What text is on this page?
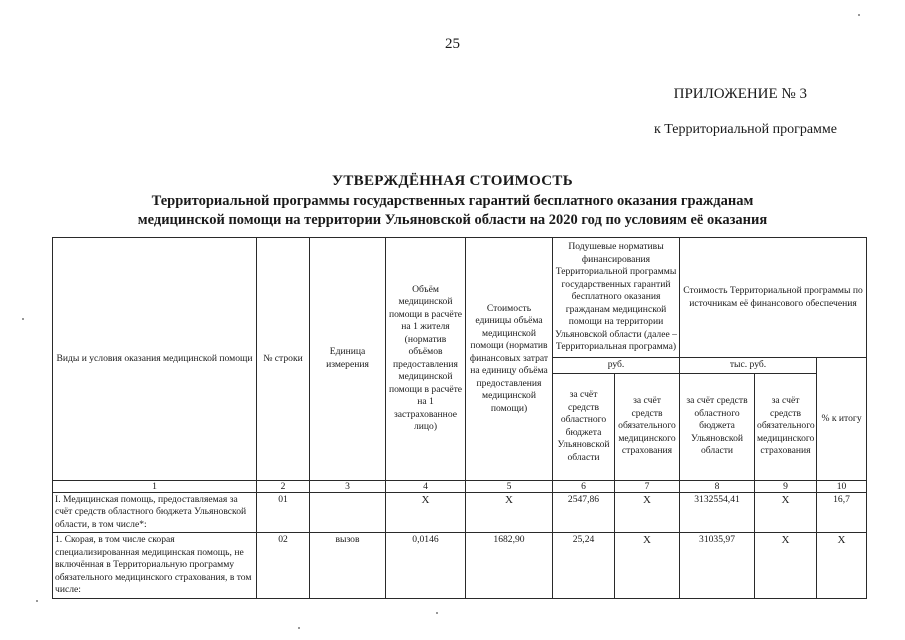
25
ПРИЛОЖЕНИЕ № 3
к Территориальной программе
УТВЕРЖДЁННАЯ СТОИМОСТЬ
Территориальной программы государственных гарантий бесплатного оказания гражданам
медицинской помощи на территории Ульяновской области на 2020 год по условиям её оказания
Виды и условия оказания медицинской помощи	№ строки	Единица измерения	Объём медицинской помощи в расчёте на 1 жителя (норматив объёмов предоставления медицинской помощи в расчёте на 1 застрахованное лицо)	Стоимость единицы объёма медицинской помощи (норматив финансовых затрат на единицу объёма предоставления медицинской помощи)	Подушевые нормативы финансирования Территориальной программы государственных гарантий бесплатного оказания гражданам медицинской помощи на территории Ульяновской области (далее – Территориальная программа)		Стоимость Территориальной программы по источникам её финансового обеспечения		
					руб.		тыс. руб.		% к итогу
					за счёт средств областного бюджета Ульяновской области	за счёт средств обязательного медицинского страхования	за счёт средств областного бюджета Ульяновской области	за счёт средств обязательного медицинского страхования	
1	2	3	4	5	6	7	8	9	10
I. Медицинская помощь, предоставляемая за счёт средств областного бюджета Ульяновской области, в том числе*:	01		X	X	2547,86	X	3132554,41	X	16,7
1. Скорая, в том числе скорая специализированная медицинская помощь, не включённая в Территориальную программу обязательного медицинского страхования, в том числе:	02	вызов	0,0146	1682,90	25,24	X	31035,97	X	X
